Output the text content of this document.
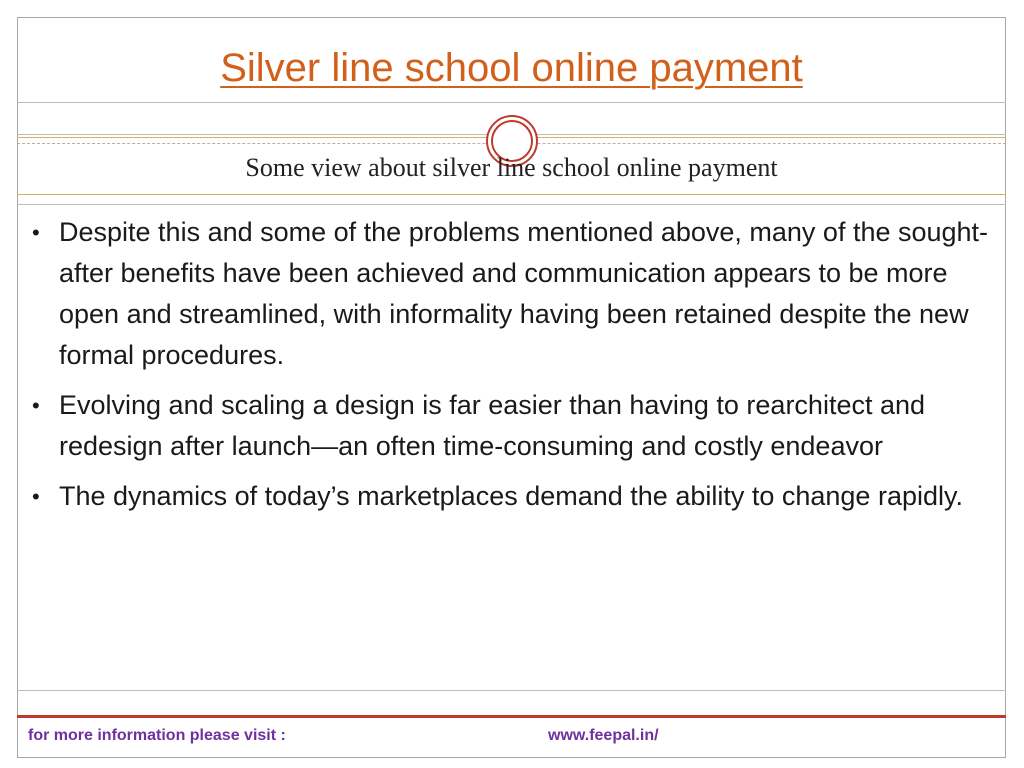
Silver line school online payment
Some view about silver line school online payment
• Despite this and some of the problems mentioned above, many of the sought-after benefits have been achieved and communication appears to be more open and streamlined, with informality having been retained despite the new formal procedures.
• Evolving and scaling a design is far easier than having to rearchitect and redesign after launch—an often time-consuming and costly endeavor
• The dynamics of today’s marketplaces demand the ability to change rapidly.
for more information please visit :	www.feepal.in/
